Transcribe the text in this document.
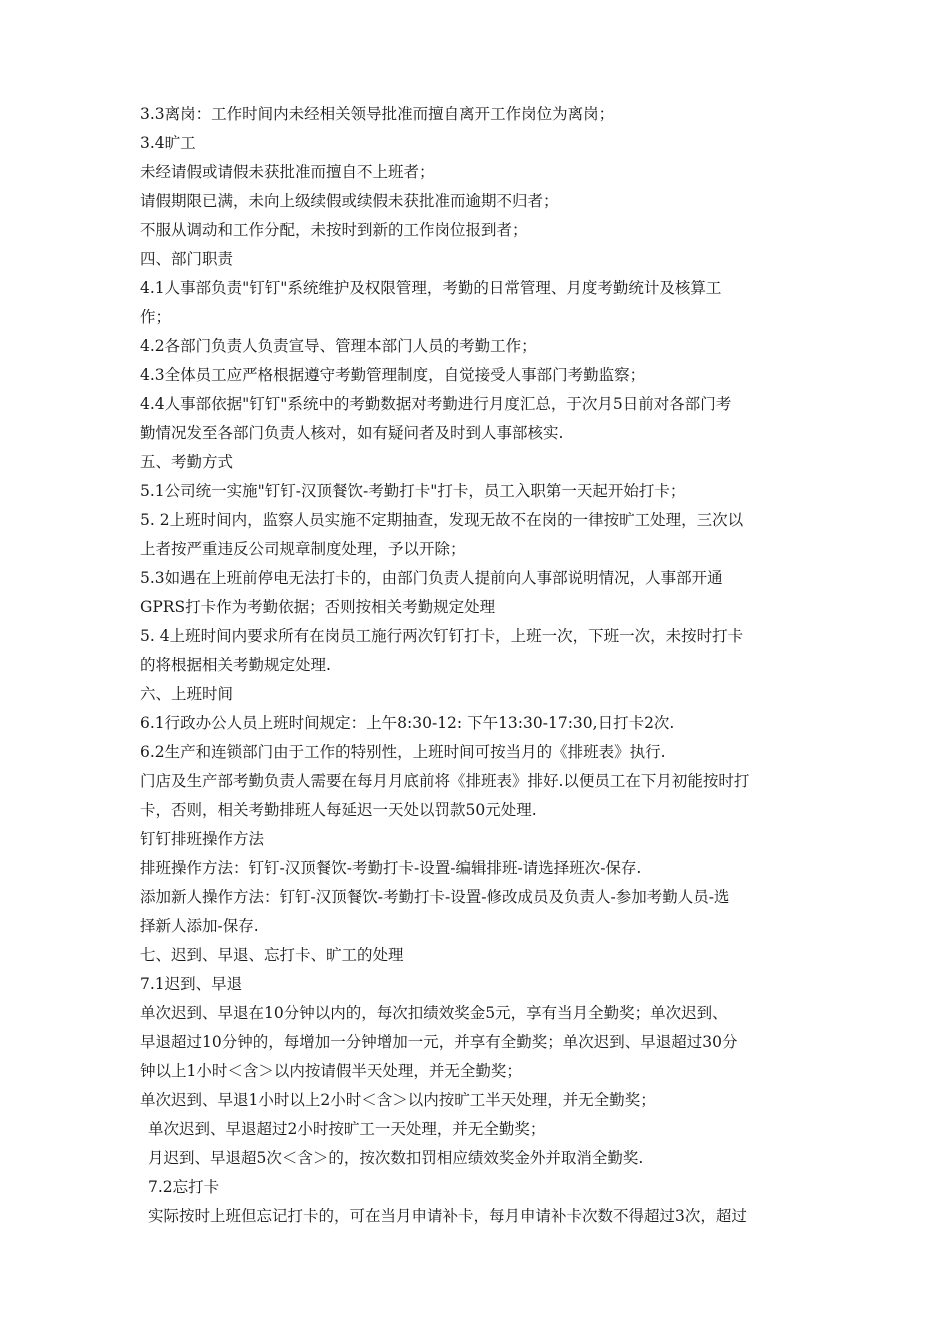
3.3离岗：工作时间内未经相关领导批准而擅自离开工作岗位为离岗；
3.4旷工
未经请假或请假未获批准而擅自不上班者；
请假期限已满，未向上级续假或续假未获批准而逾期不归者；
不服从调动和工作分配，未按时到新的工作岗位报到者；
四、部门职责
4.1人事部负责"钉钉"系统维护及权限管理，考勤的日常管理、月度考勤统计及核算工
作；
4.2各部门负责人负责宣导、管理本部门人员的考勤工作；
4.3全体员工应严格根据遵守考勤管理制度，自觉接受人事部门考勤监察；
4.4人事部依据"钉钉"系统中的考勤数据对考勤进行月度汇总，于次月5日前对各部门考
勤情况发至各部门负责人核对，如有疑问者及时到人事部核实.
五、考勤方式
5.1公司统一实施"钉钉-汉顶餐饮-考勤打卡"打卡，员工入职第一天起开始打卡；
5. 2上班时间内，监察人员实施不定期抽查，发现无故不在岗的一律按旷工处理，三次以
上者按严重违反公司规章制度处理，予以开除；
5.3如遇在上班前停电无法打卡的，由部门负责人提前向人事部说明情况，人事部开通
GPRS打卡作为考勤依据；否则按相关考勤规定处理
5. 4上班时间内要求所有在岗员工施行两次钉钉打卡，上班一次，下班一次，未按时打卡
的将根据相关考勤规定处理.
六、上班时间
6.1行政办公人员上班时间规定：上午8:30-12: 下午13:30-17:30,日打卡2次.
6.2生产和连锁部门由于工作的特别性，上班时间可按当月的《排班表》执行.
门店及生产部考勤负责人需要在每月月底前将《排班表》排好.以便员工在下月初能按时打
卡，否则，相关考勤排班人每延迟一天处以罚款50元处理.
钉钉排班操作方法
排班操作方法：钉钉-汉顶餐饮-考勤打卡-设置-编辑排班-请选择班次-保存.
添加新人操作方法：钉钉-汉顶餐饮-考勤打卡-设置-修改成员及负责人-参加考勤人员-选
择新人添加-保存.
七、迟到、早退、忘打卡、旷工的处理
7.1迟到、早退
单次迟到、早退在10分钟以内的，每次扣绩效奖金5元，享有当月全勤奖；单次迟到、
早退超过10分钟的，每增加一分钟增加一元，并享有全勤奖；单次迟到、早退超过30分
钟以上1小时＜含＞以内按请假半天处理，并无全勤奖；
单次迟到、早退1小时以上2小时＜含＞以内按旷工半天处理，并无全勤奖；
单次迟到、早退超过2小时按旷工一天处理，并无全勤奖；
月迟到、早退超5次＜含＞的，按次数扣罚相应绩效奖金外并取消全勤奖.
7.2忘打卡
实际按时上班但忘记打卡的，可在当月申请补卡，每月申请补卡次数不得超过3次，超过
